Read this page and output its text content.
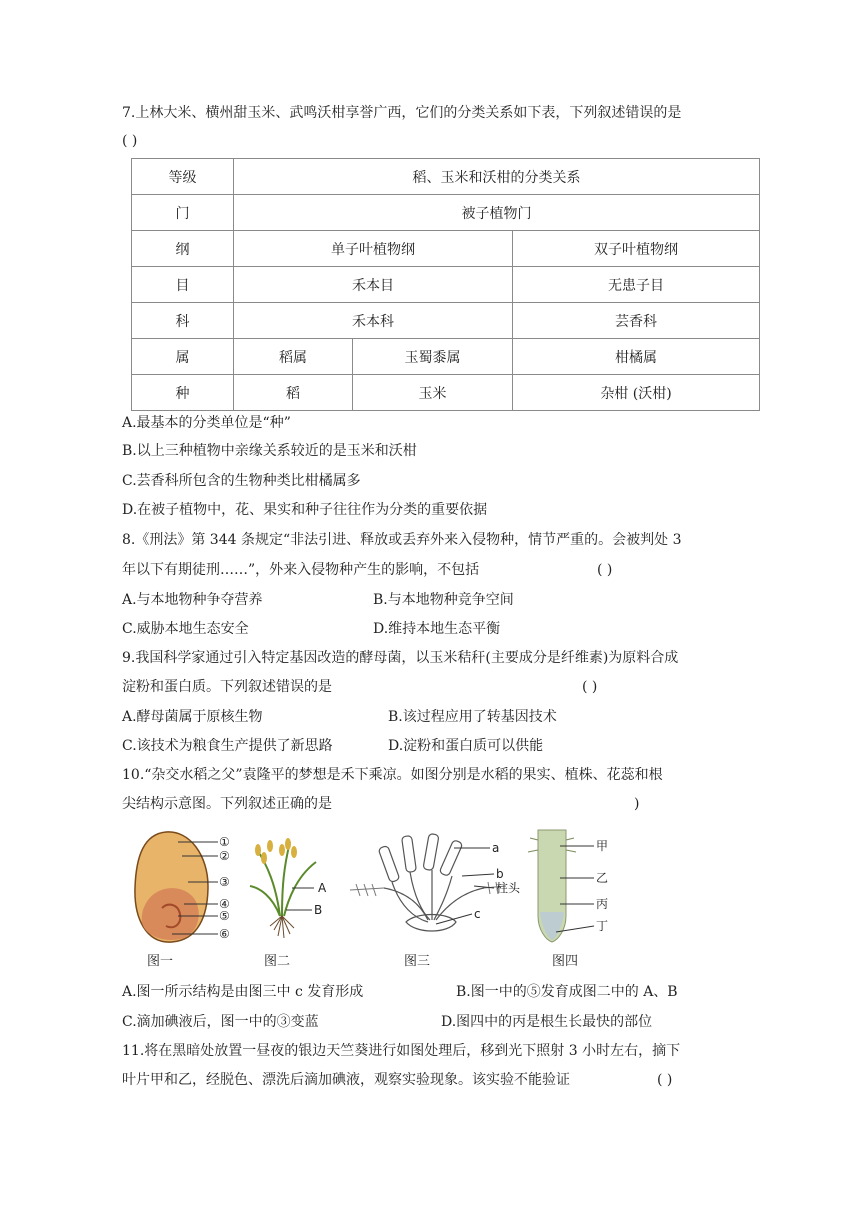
7.上林大米、横州甜玉米、武鸣沃柑享誉广西，它们的分类关系如下表，下列叙述错误的是
( )
等级	稻、玉米和沃柑的分类关系		
门	被子植物门		
纲	单子叶植物纲		双子叶植物纲
目	禾本目		无患子目
科	禾本科		芸香科
属	稻属	玉蜀黍属	柑橘属
种	稻	玉米	杂柑 (沃柑)
A.最基本的分类单位是“种”
B.以上三种植物中亲缘关系较近的是玉米和沃柑
C.芸香科所包含的生物种类比柑橘属多
D.在被子植物中，花、果实和种子往往作为分类的重要依据
8.《刑法》第 344 条规定“非法引进、释放或丢弃外来入侵物种，情节严重的。会被判处 3
年以下有期徒刑……”，外来入侵物种产生的影响，不包括	( )
A.与本地物种争夺营养	B.与本地物种竞争空间
C.威胁本地生态安全	D.维持本地生态平衡
9.我国科学家通过引入特定基因改造的酵母菌，以玉米秸秆(主要成分是纤维素)为原料合成
淀粉和蛋白质。下列叙述错误的是	( )
A.酵母菌属于原核生物	B.该过程应用了转基因技术
C.该技术为粮食生产提供了新思路	D.淀粉和蛋白质可以供能
10.“杂交水稻之父”袁隆平的梦想是禾下乘凉。如图分别是水稻的果实、植株、花蕊和根
尖结构示意图。下列叙述正确的是	)
①
②
③
④
⑤
⑥
图一
A
B
图二
a
b
柱头
c
图三
甲
乙
丙
丁
图四
A.图一所示结构是由图三中 c 发育形成	B.图一中的⑤发育成图二中的 A、B
C.滴加碘液后，图一中的③变蓝	D.图四中的丙是根生长最快的部位
11.将在黑暗处放置一昼夜的银边天竺葵进行如图处理后，移到光下照射 3 小时左右，摘下
叶片甲和乙，经脱色、漂洗后滴加碘液，观察实验现象。该实验不能验证	( )
